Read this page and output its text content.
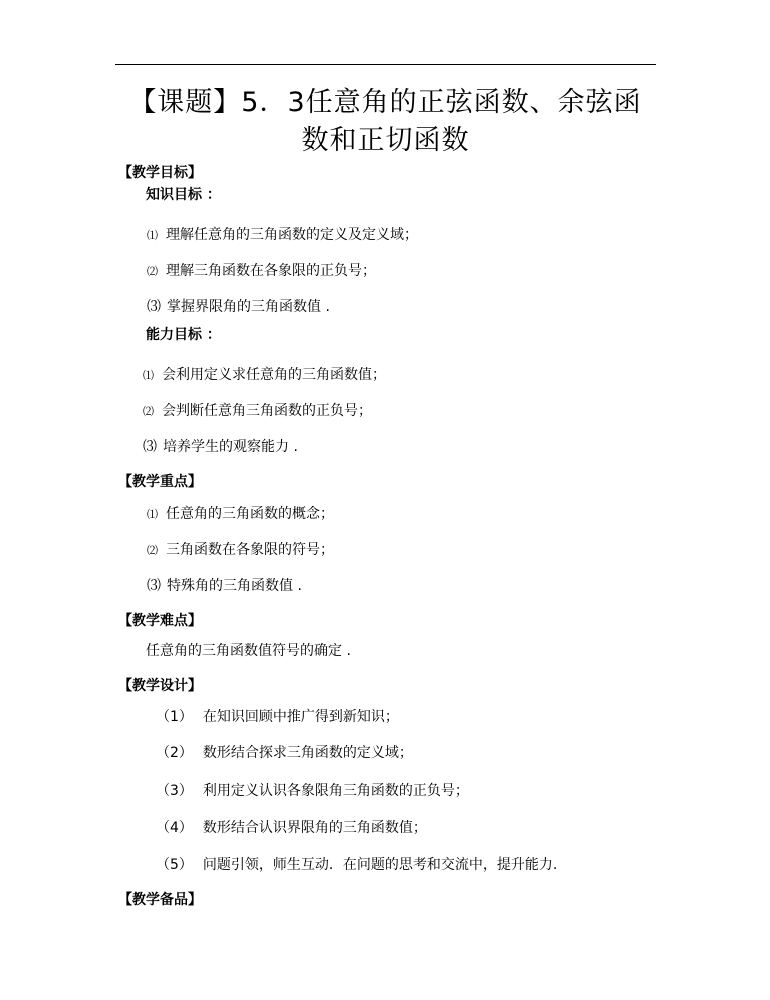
【课题】5．3任意角的正弦函数、余弦函
数和正切函数
【教学目标】
知识目标 ：
⑴ 理解任意角的三角函数的定义及定义域；
⑵ 理解三角函数在各象限的正负号；
⑶ 掌握界限角的三角函数值 .
能力目标 ：
⑴ 会利用定义求任意角的三角函数值；
⑵ 会判断任意角三角函数的正负号；
⑶ 培养学生的观察能力 .
【教学重点】
⑴ 任意角的三角函数的概念；
⑵ 三角函数在各象限的符号；
⑶ 特殊角的三角函数值 .
【教学难点】
任意角的三角函数值符号的确定 .
【教学设计】
（1） 在知识回顾中推广得到新知识；
（2） 数形结合探求三角函数的定义域；
（3） 利用定义认识各象限角三角函数的正负号；
（4） 数形结合认识界限角的三角函数值；
（5） 问题引领，师生互动．在问题的思考和交流中，提升能力.
【教学备品】
